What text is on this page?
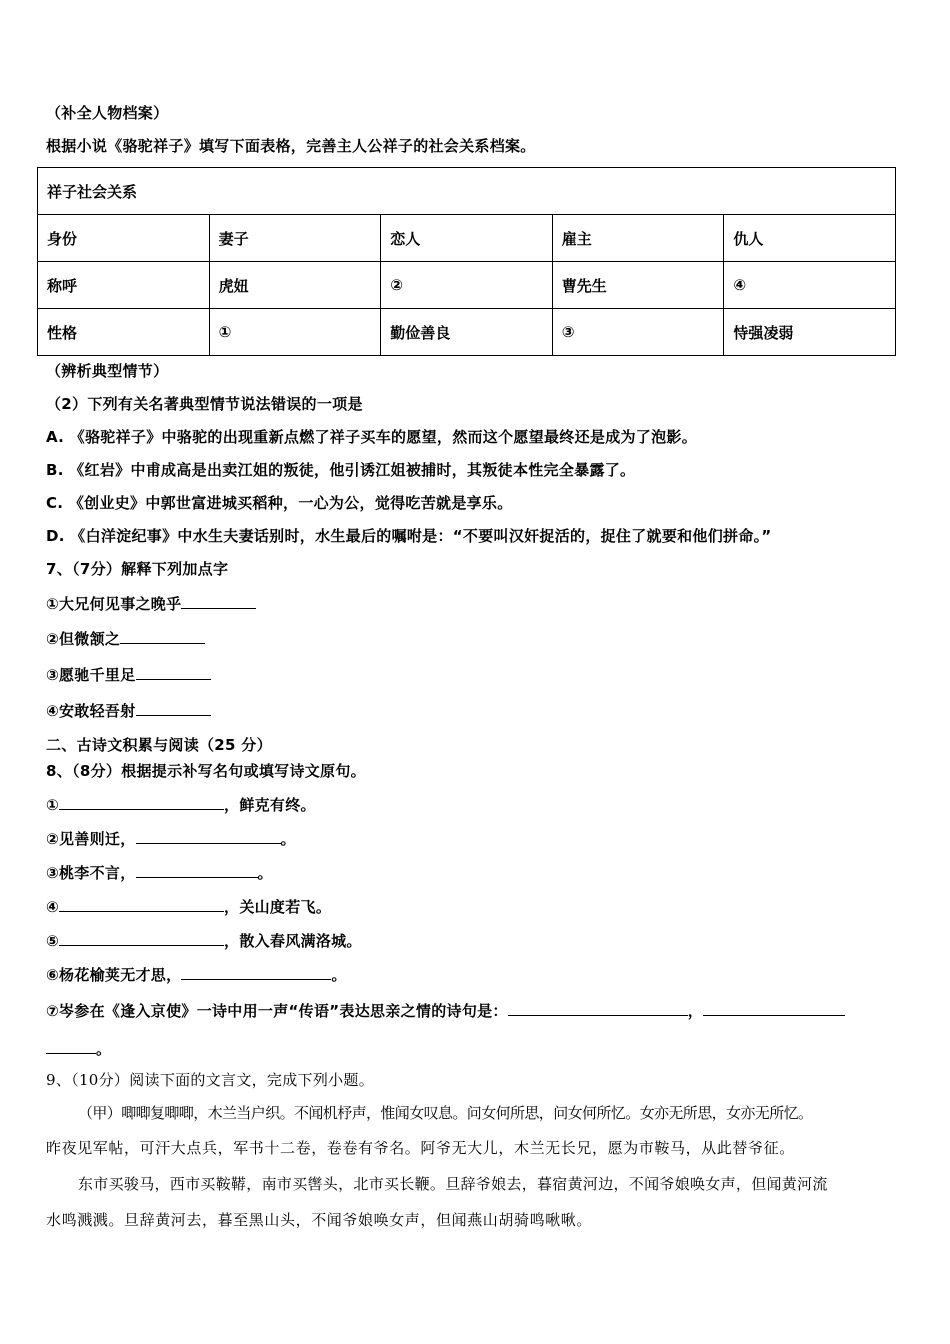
（补全人物档案）
根据小说《骆驼祥子》填写下面表格，完善主人公祥子的社会关系档案。
祥子社会关系				
身份	妻子	恋人	雇主	仇人
称呼	虎妞	②	曹先生	④
性格	①	勤俭善良	③	恃强凌弱
（辨析典型情节）
（2）下列有关名著典型情节说法错误的一项是
A. 《骆驼祥子》中骆驼的出现重新点燃了祥子买车的愿望，然而这个愿望最终还是成为了泡影。
B. 《红岩》中甫成高是出卖江姐的叛徒，他引诱江姐被捕时，其叛徒本性完全暴露了。
C. 《创业史》中郭世富进城买稻种，一心为公，觉得吃苦就是享乐。
D. 《白洋淀纪事》中水生夫妻话别时，水生最后的嘱咐是：“不要叫汉奸捉活的，捉住了就要和他们拼命。”
7、（7分）解释下列加点字
①大兄何见事之晚乎
②但微颔之
③愿驰千里足
④安敢轻吾射
二、古诗文积累与阅读（25 分）
8、（8分）根据提示补写名句或填写诗文原句。
①	，鲜克有终。
②见善则迁，	。
③桃李不言，	。
④	，关山度若飞。
⑤	，散入春风满洛城。
⑥杨花榆荚无才思，	。
⑦岑参在《逢入京使》一诗中用一声“传语”表达思亲之情的诗句是：	，
。
9、（10分）阅读下面的文言文，完成下列小题。
（甲）唧唧复唧唧，木兰当户织。不闻机杼声，惟闻女叹息。问女何所思，问女何所忆。女亦无所思，女亦无所忆。
昨夜见军帖，可汗大点兵，军书十二卷，卷卷有爷名。阿爷无大儿，木兰无长兄，愿为市鞍马，从此替爷征。
东市买骏马，西市买鞍鞯，南市买辔头，北市买长鞭。旦辞爷娘去，暮宿黄河边，不闻爷娘唤女声，但闻黄河流
水鸣溅溅。旦辞黄河去，暮至黑山头，不闻爷娘唤女声，但闻燕山胡骑鸣啾啾。
